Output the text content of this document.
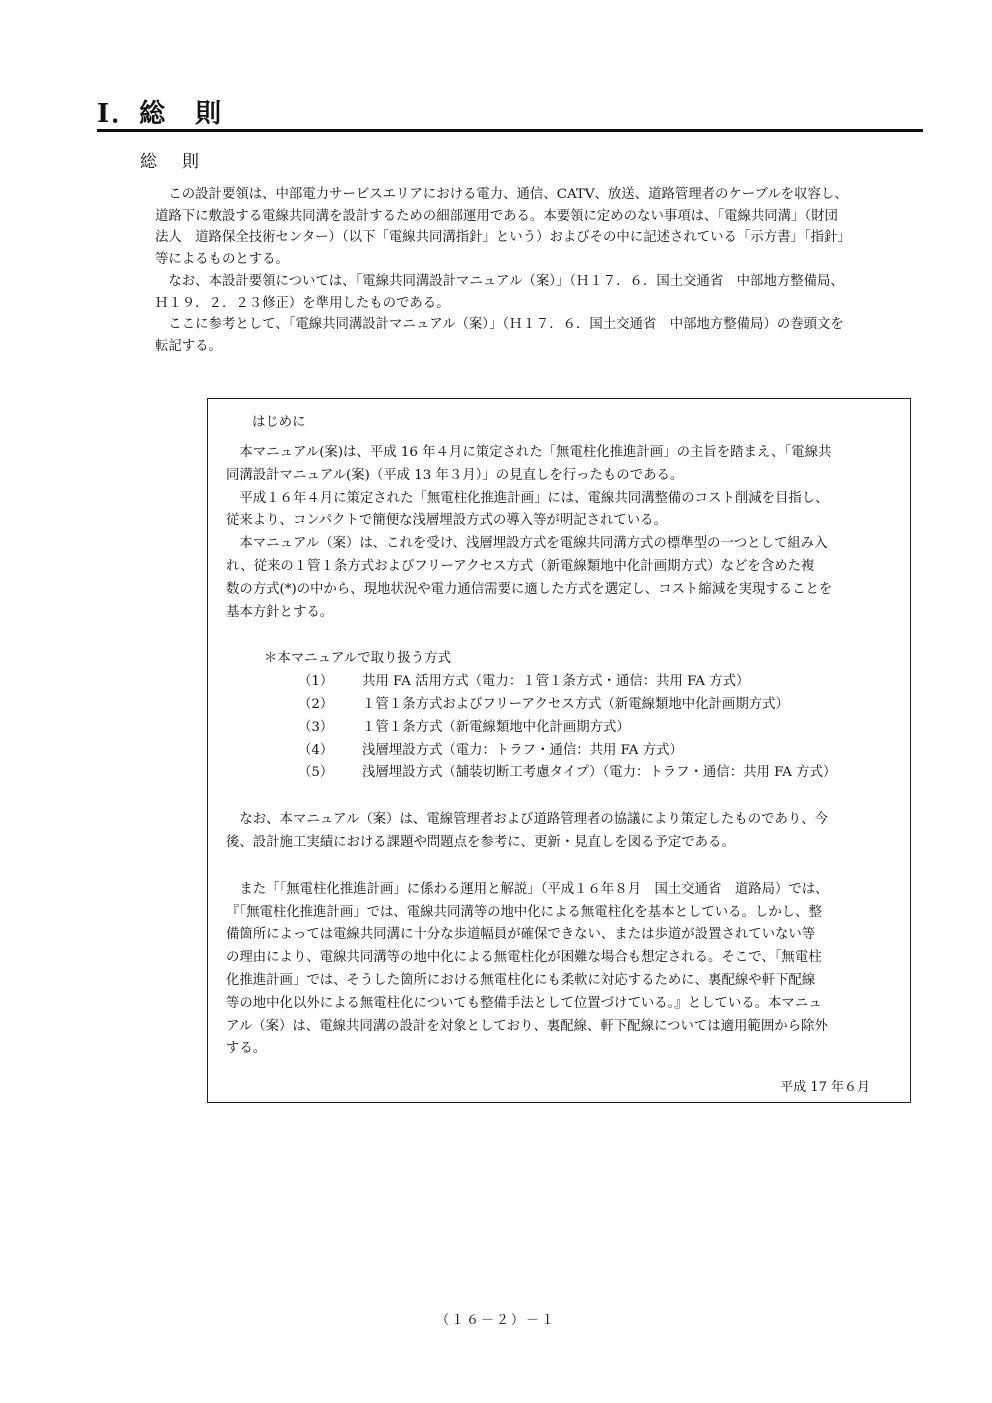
Ⅰ．総　則
総　則

この設計要領は、中部電力サービスエリアにおける電力、通信、CATV、放送、道路管理者のケーブルを収容し、
道路下に敷設する電線共同溝を設計するための細部運用である。本要領に定めのない事項は、「電線共同溝」（財団
法人　道路保全技術センター）（以下「電線共同溝指針」という）およびその中に記述されている「示方書」「指針」
等によるものとする。

なお、本設計要領については、「電線共同溝設計マニュアル（案）」（Ｈ１７．６．国土交通省　中部地方整備局、
Ｈ１９．２．２３修正）を準用したものである。

ここに参考として、「電線共同溝設計マニュアル（案）」（Ｈ１７．６．国土交通省　中部地方整備局）の巻頭文を
転記する。

はじめに
　本マニュアル(案)は、平成 16 年４月に策定された「無電柱化推進計画」の主旨を踏まえ、「電線共
同溝設計マニュアル(案)（平成 13 年３月）」の見直しを行ったものである。
　平成１６年４月に策定された「無電柱化推進計画」には、電線共同溝整備のコスト削減を目指し、
従来より、コンパクトで簡便な浅層埋設方式の導入等が明記されている。
　本マニュアル（案）は、これを受け、浅層埋設方式を電線共同溝方式の標準型の一つとして組み入
れ、従来の１管１条方式およびフリーアクセス方式（新電線類地中化計画期方式）などを含めた複
数の方式(*)の中から、現地状況や電力通信需要に適した方式を選定し、コスト縮減を実現することを
基本方針とする。
＊本マニュアルで取り扱う方式
（1） 共用 FA 活用方式（電力：１管１条方式・通信：共用 FA 方式）
（2） １管１条方式およびフリーアクセス方式（新電線類地中化計画期方式）
（3） １管１条方式（新電線類地中化計画期方式）
（4） 浅層埋設方式（電力：トラフ・通信：共用 FA 方式）
（5） 浅層埋設方式（舗装切断工考慮タイプ）（電力：トラフ・通信：共用 FA 方式）
　なお、本マニュアル（案）は、電線管理者および道路管理者の協議により策定したものであり、今
後、設計施工実績における課題や問題点を参考に、更新・見直しを図る予定である。
　また「「無電柱化推進計画」に係わる運用と解説」（平成１６年８月　国土交通省　道路局）では、
『「無電柱化推進計画」では、電線共同溝等の地中化による無電柱化を基本としている。しかし、整
備箇所によっては電線共同溝に十分な歩道幅員が確保できない、または歩道が設置されていない等
の理由により、電線共同溝等の地中化による無電柱化が困難な場合も想定される。そこで、「無電柱
化推進計画」では、そうした箇所における無電柱化にも柔軟に対応するために、裏配線や軒下配線
等の地中化以外による無電柱化についても整備手法として位置づけている。』としている。本マニュ
アル（案）は、電線共同溝の設計を対象としており、裏配線、軒下配線については適用範囲から除外
する。
平成 17 年６月
（１６－２）－１
